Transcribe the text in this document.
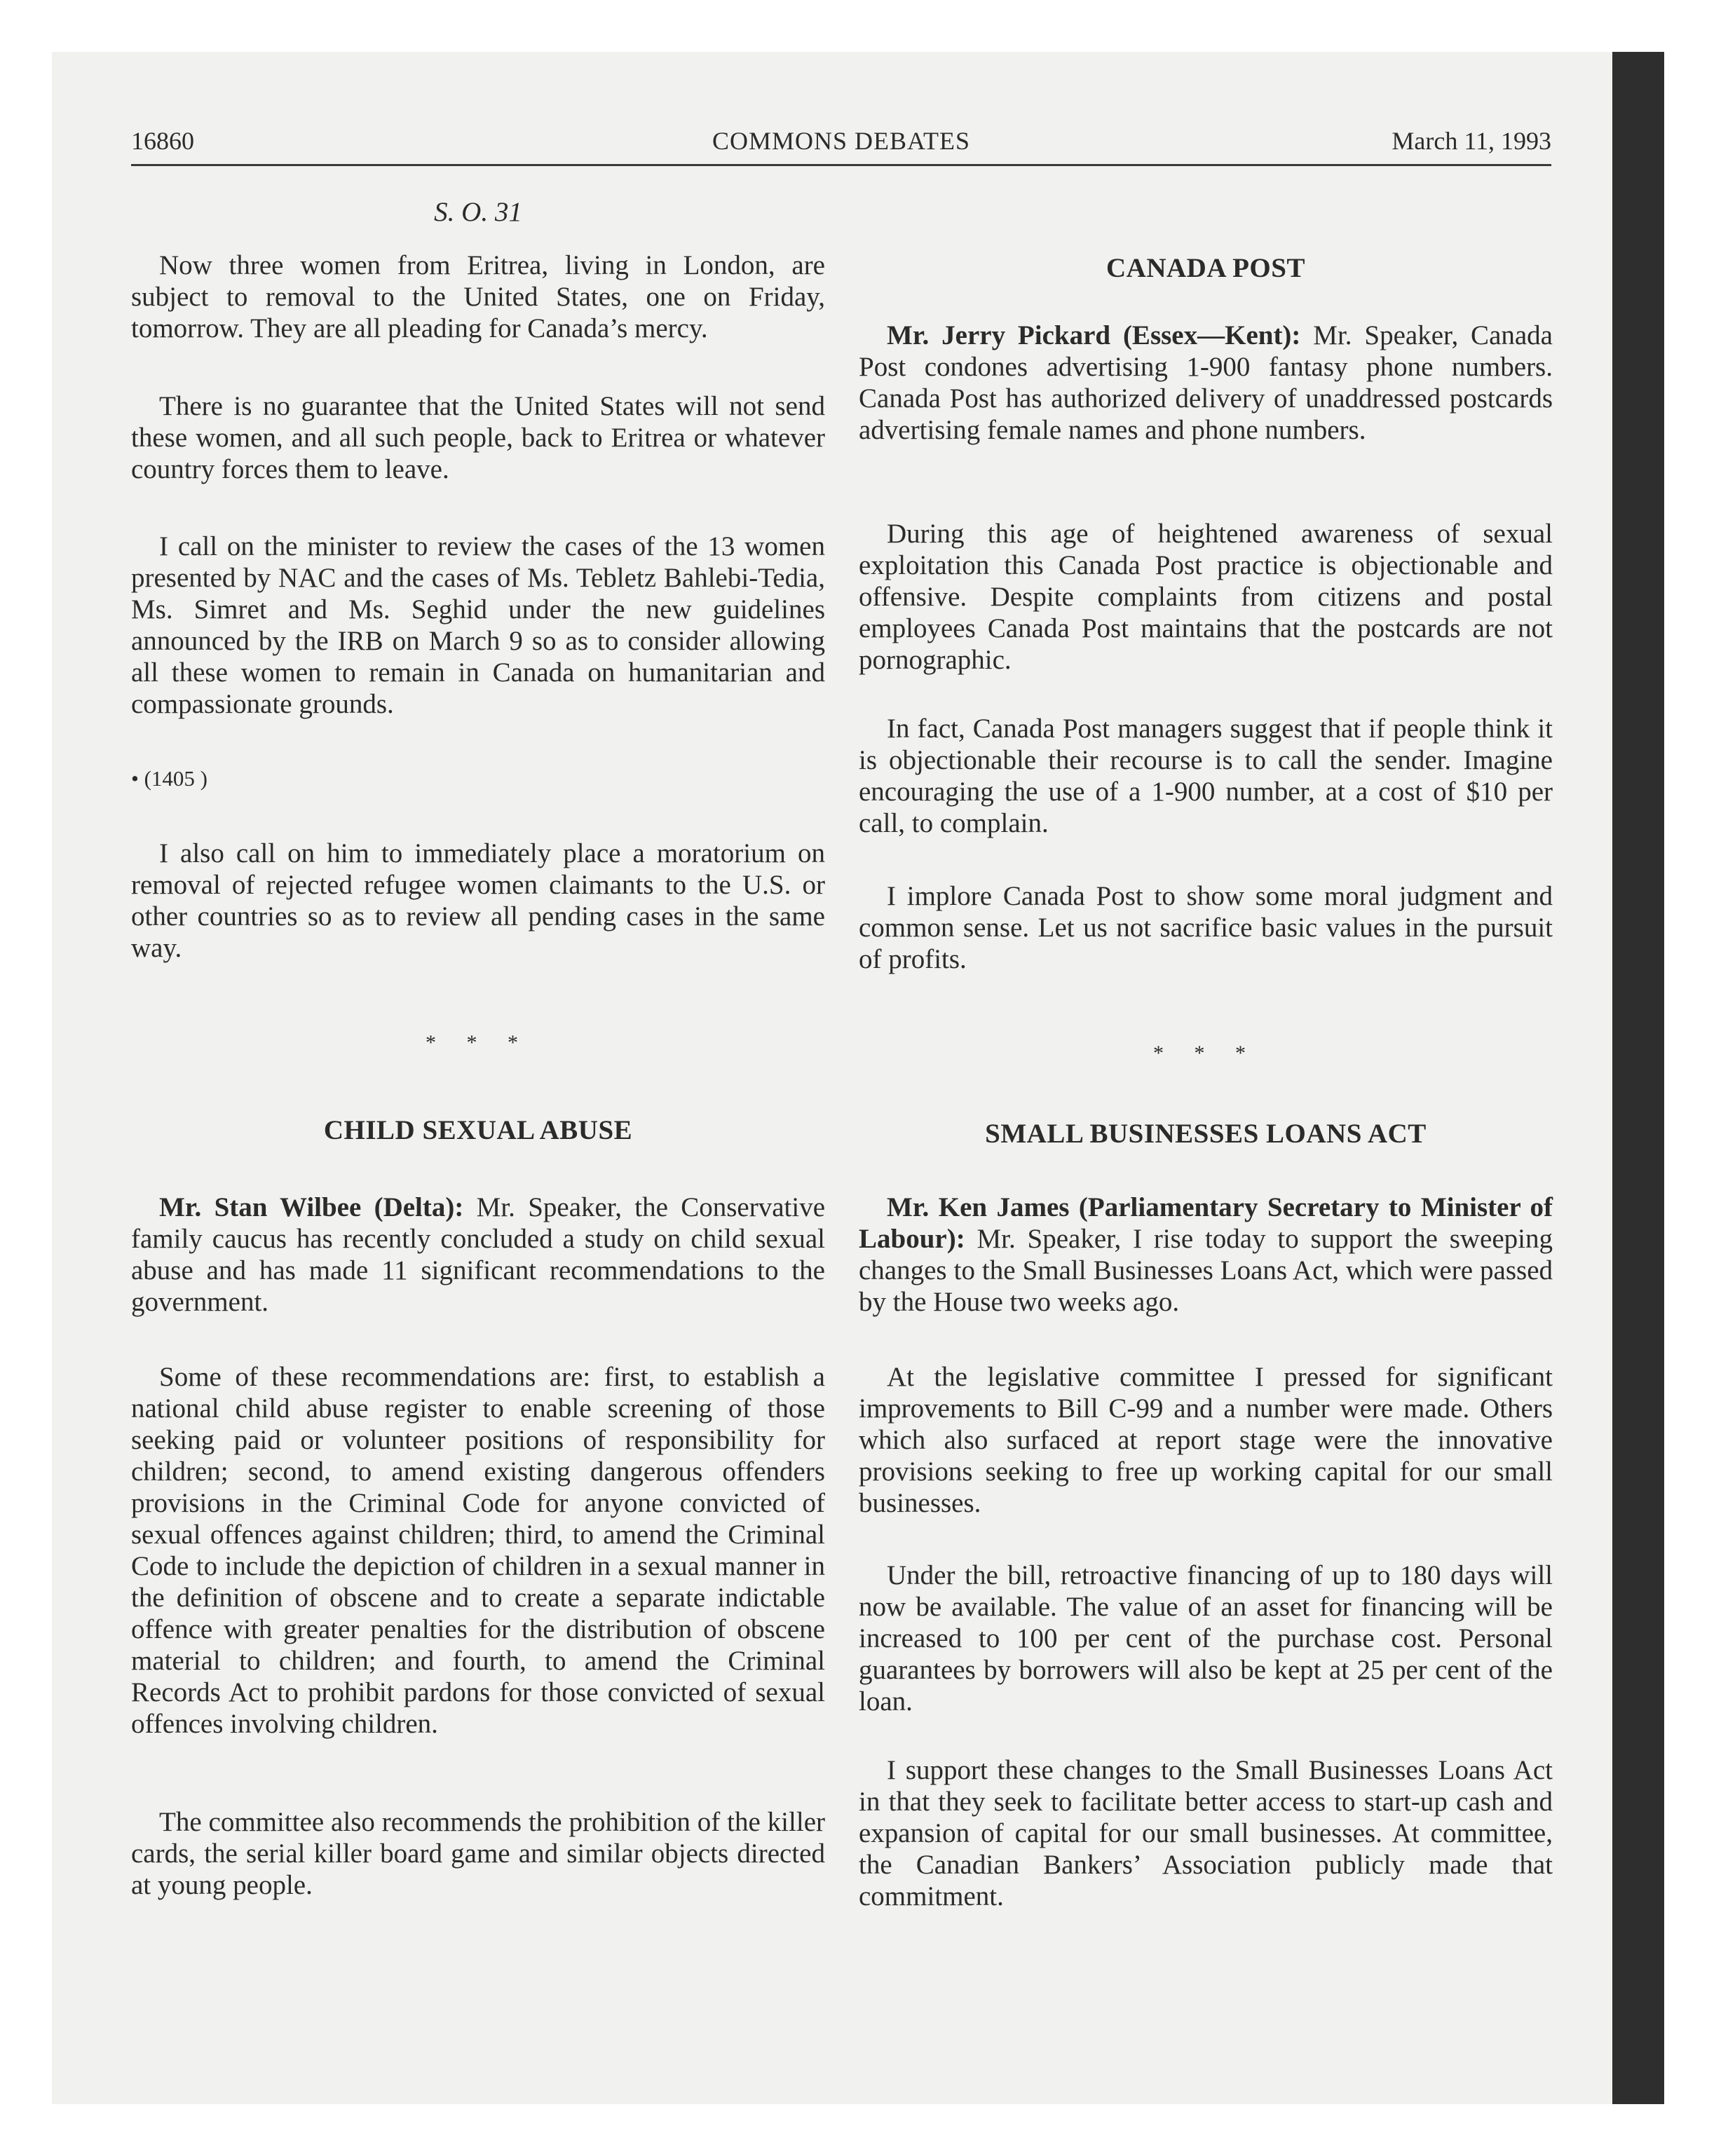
16860	COMMONS DEBATES	March 11, 1993

S. O. 31

Now three women from Eritrea, living in London, are subject to removal to the United States, one on Friday, tomorrow. They are all pleading for Canada’s mercy.

There is no guarantee that the United States will not send these women, and all such people, back to Eritrea or whatever country forces them to leave.

I call on the minister to review the cases of the 13 women presented by NAC and the cases of Ms. Tebletz Bahlebi-Tedia, Ms. Simret and Ms. Seghid under the new guidelines announced by the IRB on March 9 so as to consider allowing all these women to remain in Canada on humanitarian and compassionate grounds.

• (1405 )

I also call on him to immediately place a moratorium on removal of rejected refugee women claimants to the U.S. or other countries so as to review all pending cases in the same way.

* * *

CHILD SEXUAL ABUSE

Mr. Stan Wilbee (Delta): Mr. Speaker, the Conservative family caucus has recently concluded a study on child sexual abuse and has made 11 significant recommendations to the government.

Some of these recommendations are: first, to establish a national child abuse register to enable screening of those seeking paid or volunteer positions of responsibility for children; second, to amend existing dangerous offenders provisions in the Criminal Code for anyone convicted of sexual offences against children; third, to amend the Criminal Code to include the depiction of children in a sexual manner in the definition of obscene and to create a separate indictable offence with greater penalties for the distribution of obscene material to children; and fourth, to amend the Criminal Records Act to prohibit pardons for those convicted of sexual offences involving children.

The committee also recommends the prohibition of the killer cards, the serial killer board game and similar objects directed at young people.

CANADA POST

Mr. Jerry Pickard (Essex—Kent): Mr. Speaker, Canada Post condones advertising 1-900 fantasy phone numbers. Canada Post has authorized delivery of unaddressed postcards advertising female names and phone numbers.

During this age of heightened awareness of sexual exploitation this Canada Post practice is objectionable and offensive. Despite complaints from citizens and postal employees Canada Post maintains that the postcards are not pornographic.

In fact, Canada Post managers suggest that if people think it is objectionable their recourse is to call the sender. Imagine encouraging the use of a 1-900 number, at a cost of $10 per call, to complain.

I implore Canada Post to show some moral judgment and common sense. Let us not sacrifice basic values in the pursuit of profits.

* * *

SMALL BUSINESSES LOANS ACT

Mr. Ken James (Parliamentary Secretary to Minister of Labour): Mr. Speaker, I rise today to support the sweeping changes to the Small Businesses Loans Act, which were passed by the House two weeks ago.

At the legislative committee I pressed for significant improvements to Bill C-99 and a number were made. Others which also surfaced at report stage were the innovative provisions seeking to free up working capital for our small businesses.

Under the bill, retroactive financing of up to 180 days will now be available. The value of an asset for financing will be increased to 100 per cent of the purchase cost. Personal guarantees by borrowers will also be kept at 25 per cent of the loan.

I support these changes to the Small Businesses Loans Act in that they seek to facilitate better access to start-up cash and expansion of capital for our small businesses. At committee, the Canadian Bankers’ Association publicly made that commitment.
